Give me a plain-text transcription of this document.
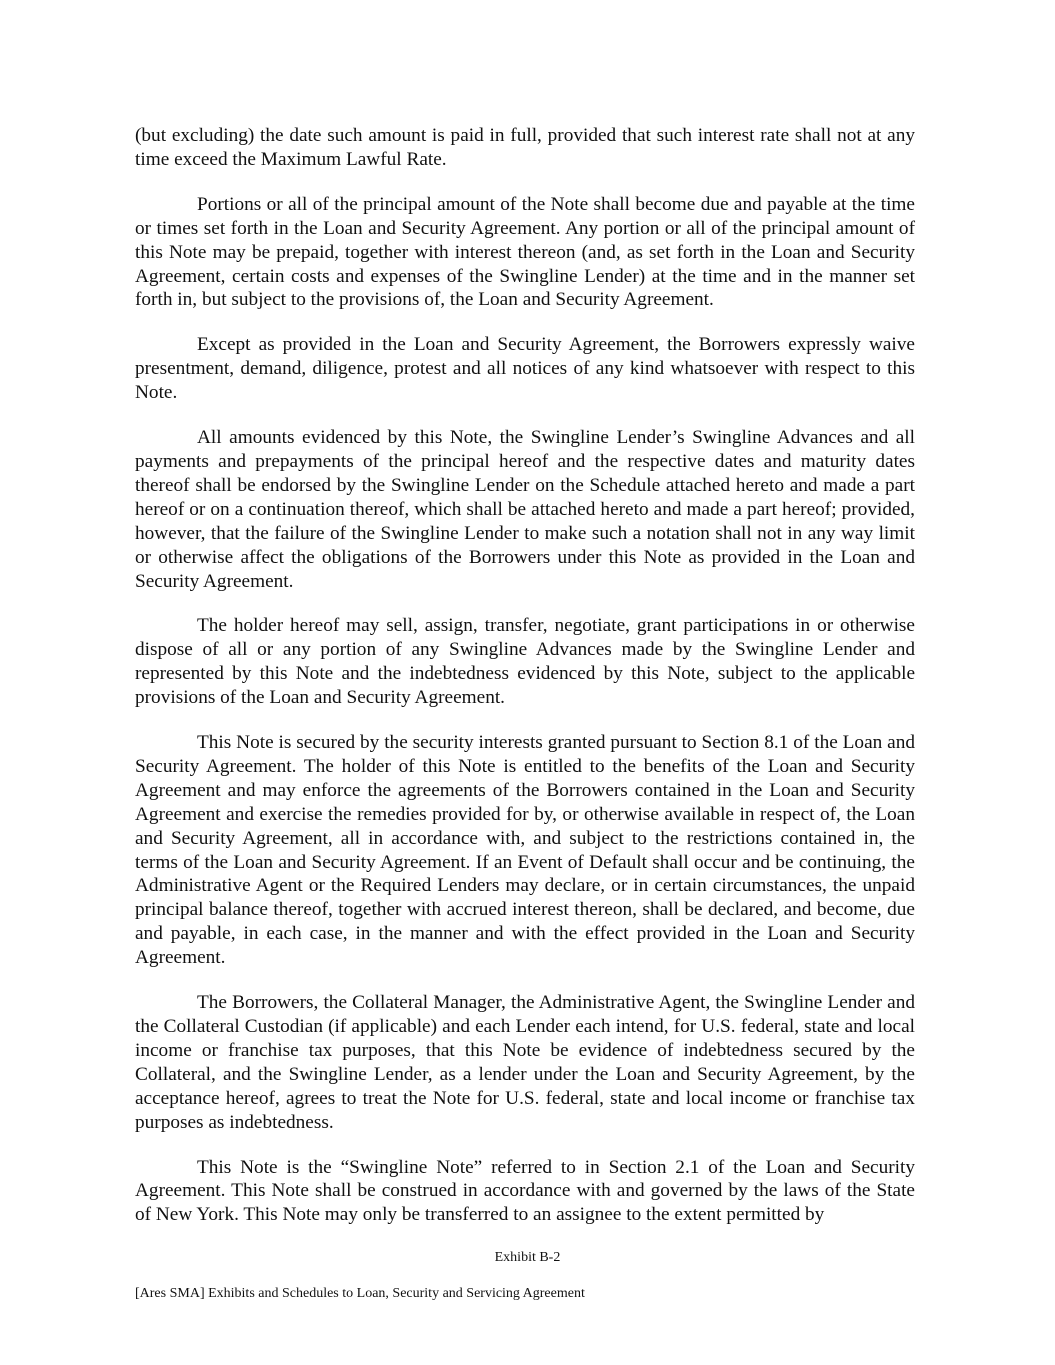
(but excluding) the date such amount is paid in full, provided that such interest rate shall not at any time exceed the Maximum Lawful Rate.

Portions or all of the principal amount of the Note shall become due and payable at the time or times set forth in the Loan and Security Agreement. Any portion or all of the principal amount of this Note may be prepaid, together with interest thereon (and, as set forth in the Loan and Security Agreement, certain costs and expenses of the Swingline Lender) at the time and in the manner set forth in, but subject to the provisions of, the Loan and Security Agreement.

Except as provided in the Loan and Security Agreement, the Borrowers expressly waive presentment, demand, diligence, protest and all notices of any kind whatsoever with respect to this Note.

All amounts evidenced by this Note, the Swingline Lender’s Swingline Advances and all payments and prepayments of the principal hereof and the respective dates and maturity dates thereof shall be endorsed by the Swingline Lender on the Schedule attached hereto and made a part hereof or on a continuation thereof, which shall be attached hereto and made a part hereof; provided, however, that the failure of the Swingline Lender to make such a notation shall not in any way limit or otherwise affect the obligations of the Borrowers under this Note as provided in the Loan and Security Agreement.

The holder hereof may sell, assign, transfer, negotiate, grant participations in or otherwise dispose of all or any portion of any Swingline Advances made by the Swingline Lender and represented by this Note and the indebtedness evidenced by this Note, subject to the applicable provisions of the Loan and Security Agreement.

This Note is secured by the security interests granted pursuant to Section 8.1 of the Loan and Security Agreement. The holder of this Note is entitled to the benefits of the Loan and Security Agreement and may enforce the agreements of the Borrowers contained in the Loan and Security Agreement and exercise the remedies provided for by, or otherwise available in respect of, the Loan and Security Agreement, all in accordance with, and subject to the restrictions contained in, the terms of the Loan and Security Agreement. If an Event of Default shall occur and be continuing, the Administrative Agent or the Required Lenders may declare, or in certain circumstances, the unpaid principal balance thereof, together with accrued interest thereon, shall be declared, and become, due and payable, in each case, in the manner and with the effect provided in the Loan and Security Agreement.

The Borrowers, the Collateral Manager, the Administrative Agent, the Swingline Lender and the Collateral Custodian (if applicable) and each Lender each intend, for U.S. federal, state and local income or franchise tax purposes, that this Note be evidence of indebtedness secured by the Collateral, and the Swingline Lender, as a lender under the Loan and Security Agreement, by the acceptance hereof, agrees to treat the Note for U.S. federal, state and local income or franchise tax purposes as indebtedness.

This Note is the “Swingline Note” referred to in Section 2.1 of the Loan and Security Agreement. This Note shall be construed in accordance with and governed by the laws of the State of New York. This Note may only be transferred to an assignee to the extent permitted by

Exhibit B-2
[Ares SMA] Exhibits and Schedules to Loan, Security and Servicing Agreement
